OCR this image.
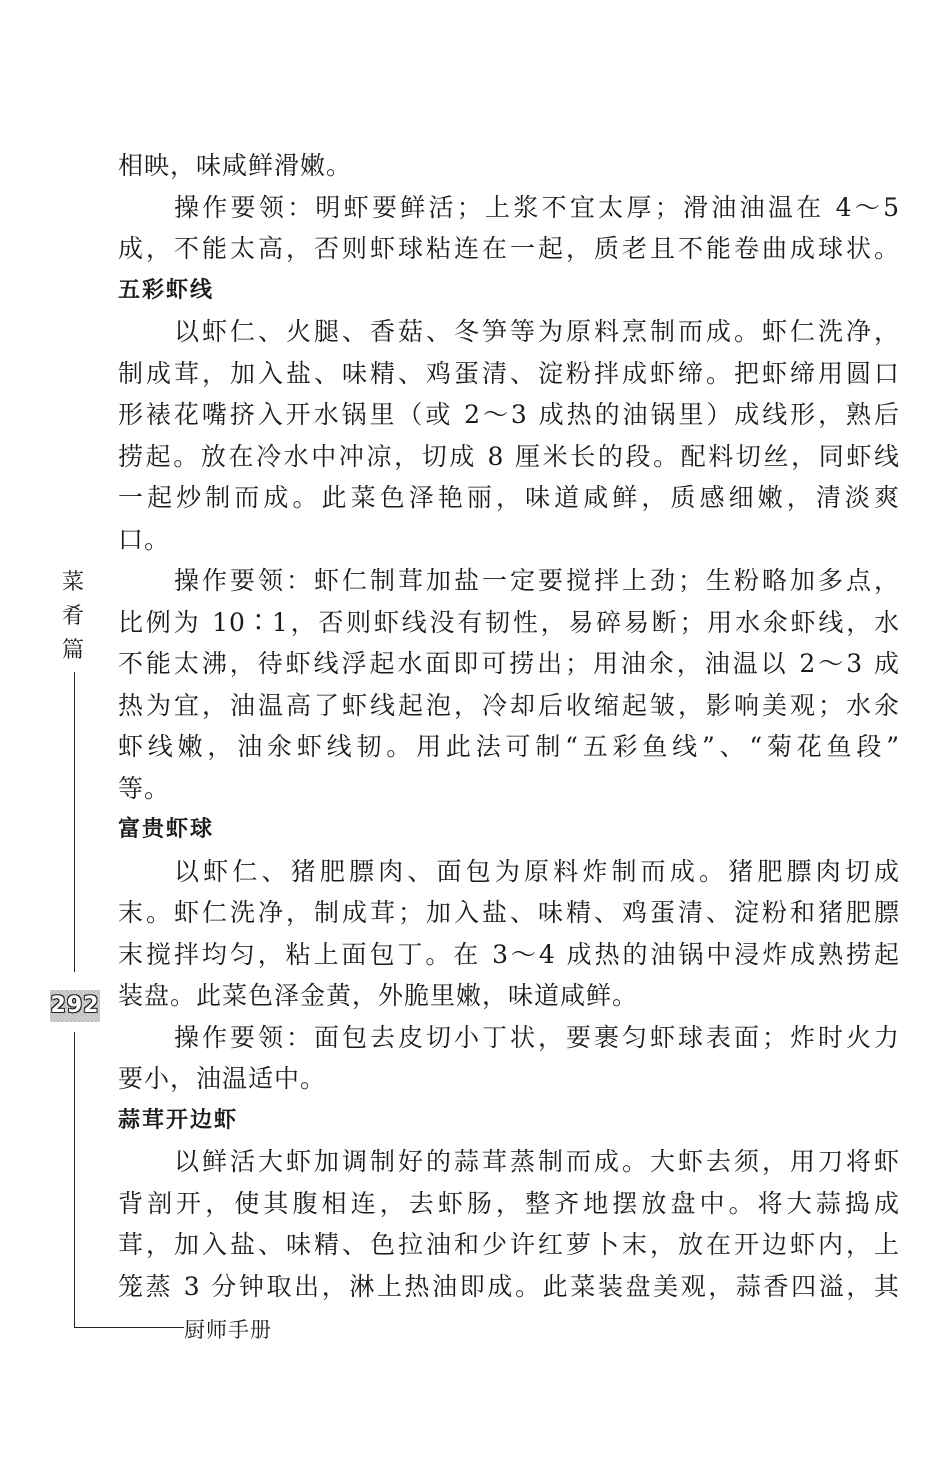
菜
肴
篇
292
厨师手册
相映，味咸鲜滑嫩。
操作要领：明虾要鲜活；上浆不宜太厚；滑油油温在 4～5
成，不能太高，否则虾球粘连在一起，质老且不能卷曲成球状。
五彩虾线
以虾仁、火腿、香菇、冬笋等为原料烹制而成。虾仁洗净，
制成茸，加入盐、味精、鸡蛋清、淀粉拌成虾缔。把虾缔用圆口
形裱花嘴挤入开水锅里（或 2～3 成热的油锅里）成线形，熟后
捞起。放在冷水中冲凉，切成 8 厘米长的段。配料切丝，同虾线
一起炒制而成。此菜色泽艳丽，味道咸鲜，质感细嫩，清淡爽
口。
操作要领：虾仁制茸加盐一定要搅拌上劲；生粉略加多点，
比例为 10∶1，否则虾线没有韧性，易碎易断；用水氽虾线，水
不能太沸，待虾线浮起水面即可捞出；用油氽，油温以 2～3 成
热为宜，油温高了虾线起泡，冷却后收缩起皱，影响美观；水氽
虾线嫩，油氽虾线韧。用此法可制“五彩鱼线”、“菊花鱼段”
等。
富贵虾球
以虾仁、猪肥膘肉、面包为原料炸制而成。猪肥膘肉切成
末。虾仁洗净，制成茸；加入盐、味精、鸡蛋清、淀粉和猪肥膘
末搅拌均匀，粘上面包丁。在 3～4 成热的油锅中浸炸成熟捞起
装盘。此菜色泽金黄，外脆里嫩，味道咸鲜。
操作要领：面包去皮切小丁状，要裹匀虾球表面；炸时火力
要小，油温适中。
蒜茸开边虾
以鲜活大虾加调制好的蒜茸蒸制而成。大虾去须，用刀将虾
背剖开，使其腹相连，去虾肠，整齐地摆放盘中。将大蒜捣成
茸，加入盐、味精、色拉油和少许红萝卜末，放在开边虾内，上
笼蒸 3 分钟取出，淋上热油即成。此菜装盘美观，蒜香四溢，其
